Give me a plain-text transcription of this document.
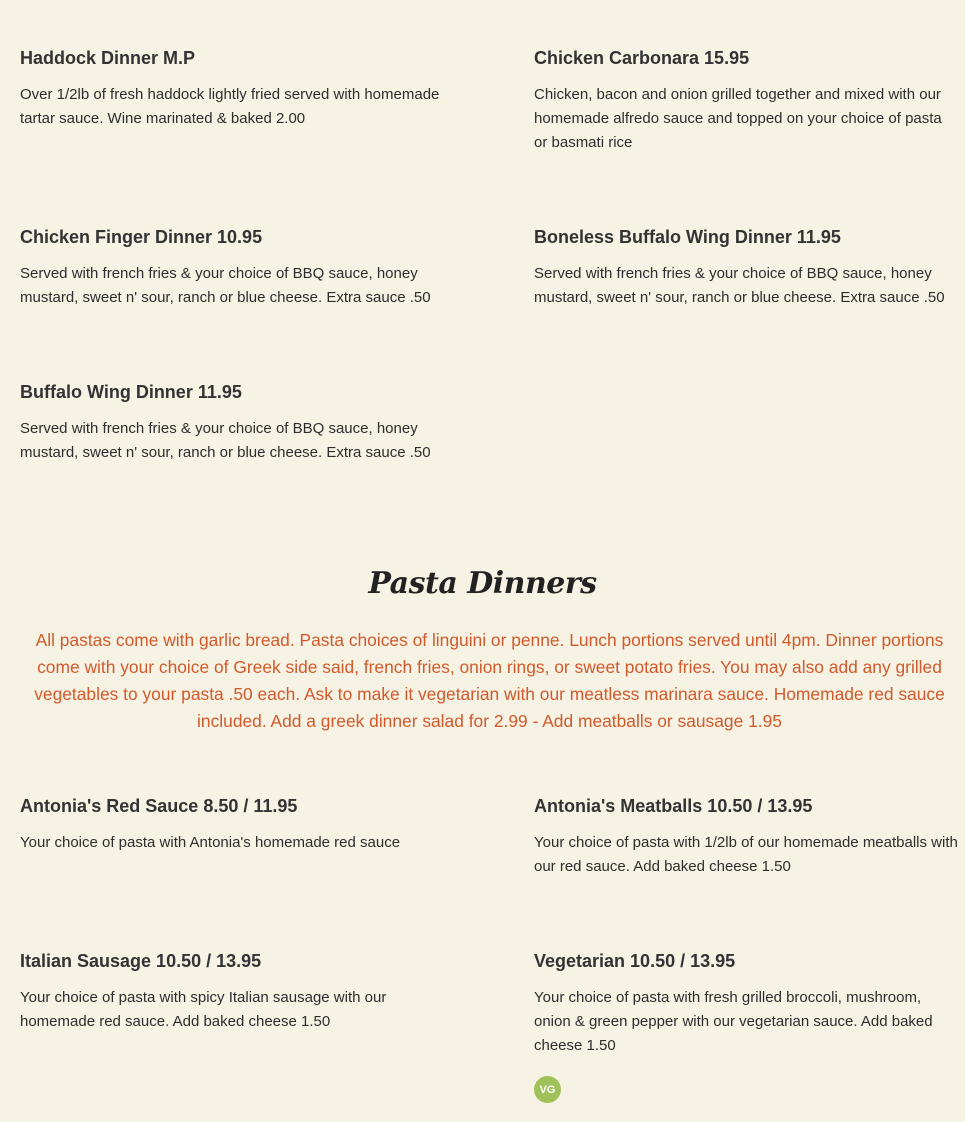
Haddock Dinner M.P

Over 1/2lb of fresh haddock lightly fried served with homemade tartar sauce. Wine marinated & baked 2.00

Chicken Carbonara 15.95

Chicken, bacon and onion grilled together and mixed with our homemade alfredo sauce and topped on your choice of pasta or basmati rice

Chicken Finger Dinner 10.95

Served with french fries & your choice of BBQ sauce, honey mustard, sweet n' sour, ranch or blue cheese. Extra sauce .50

Boneless Buffalo Wing Dinner 11.95

Served with french fries & your choice of BBQ sauce, honey mustard, sweet n' sour, ranch or blue cheese. Extra sauce .50

Buffalo Wing Dinner 11.95

Served with french fries & your choice of BBQ sauce, honey mustard, sweet n' sour, ranch or blue cheese. Extra sauce .50

Pasta Dinners

All pastas come with garlic bread. Pasta choices of linguini or penne. Lunch portions served until 4pm. Dinner portions come with your choice of Greek side said, french fries, onion rings, or sweet potato fries. You may also add any grilled vegetables to your pasta .50 each. Ask to make it vegetarian with our meatless marinara sauce. Homemade red sauce included. Add a greek dinner salad for 2.99 - Add meatballs or sausage 1.95

Antonia's Red Sauce 8.50 / 11.95

Your choice of pasta with Antonia's homemade red sauce

Antonia's Meatballs 10.50 / 13.95

Your choice of pasta with 1/2lb of our homemade meatballs with our red sauce. Add baked cheese 1.50

Italian Sausage 10.50 / 13.95

Your choice of pasta with spicy Italian sausage with our homemade red sauce. Add baked cheese 1.50

Vegetarian 10.50 / 13.95

Your choice of pasta with fresh grilled broccoli, mushroom, onion & green pepper with our vegetarian sauce. Add baked cheese 1.50

VG
